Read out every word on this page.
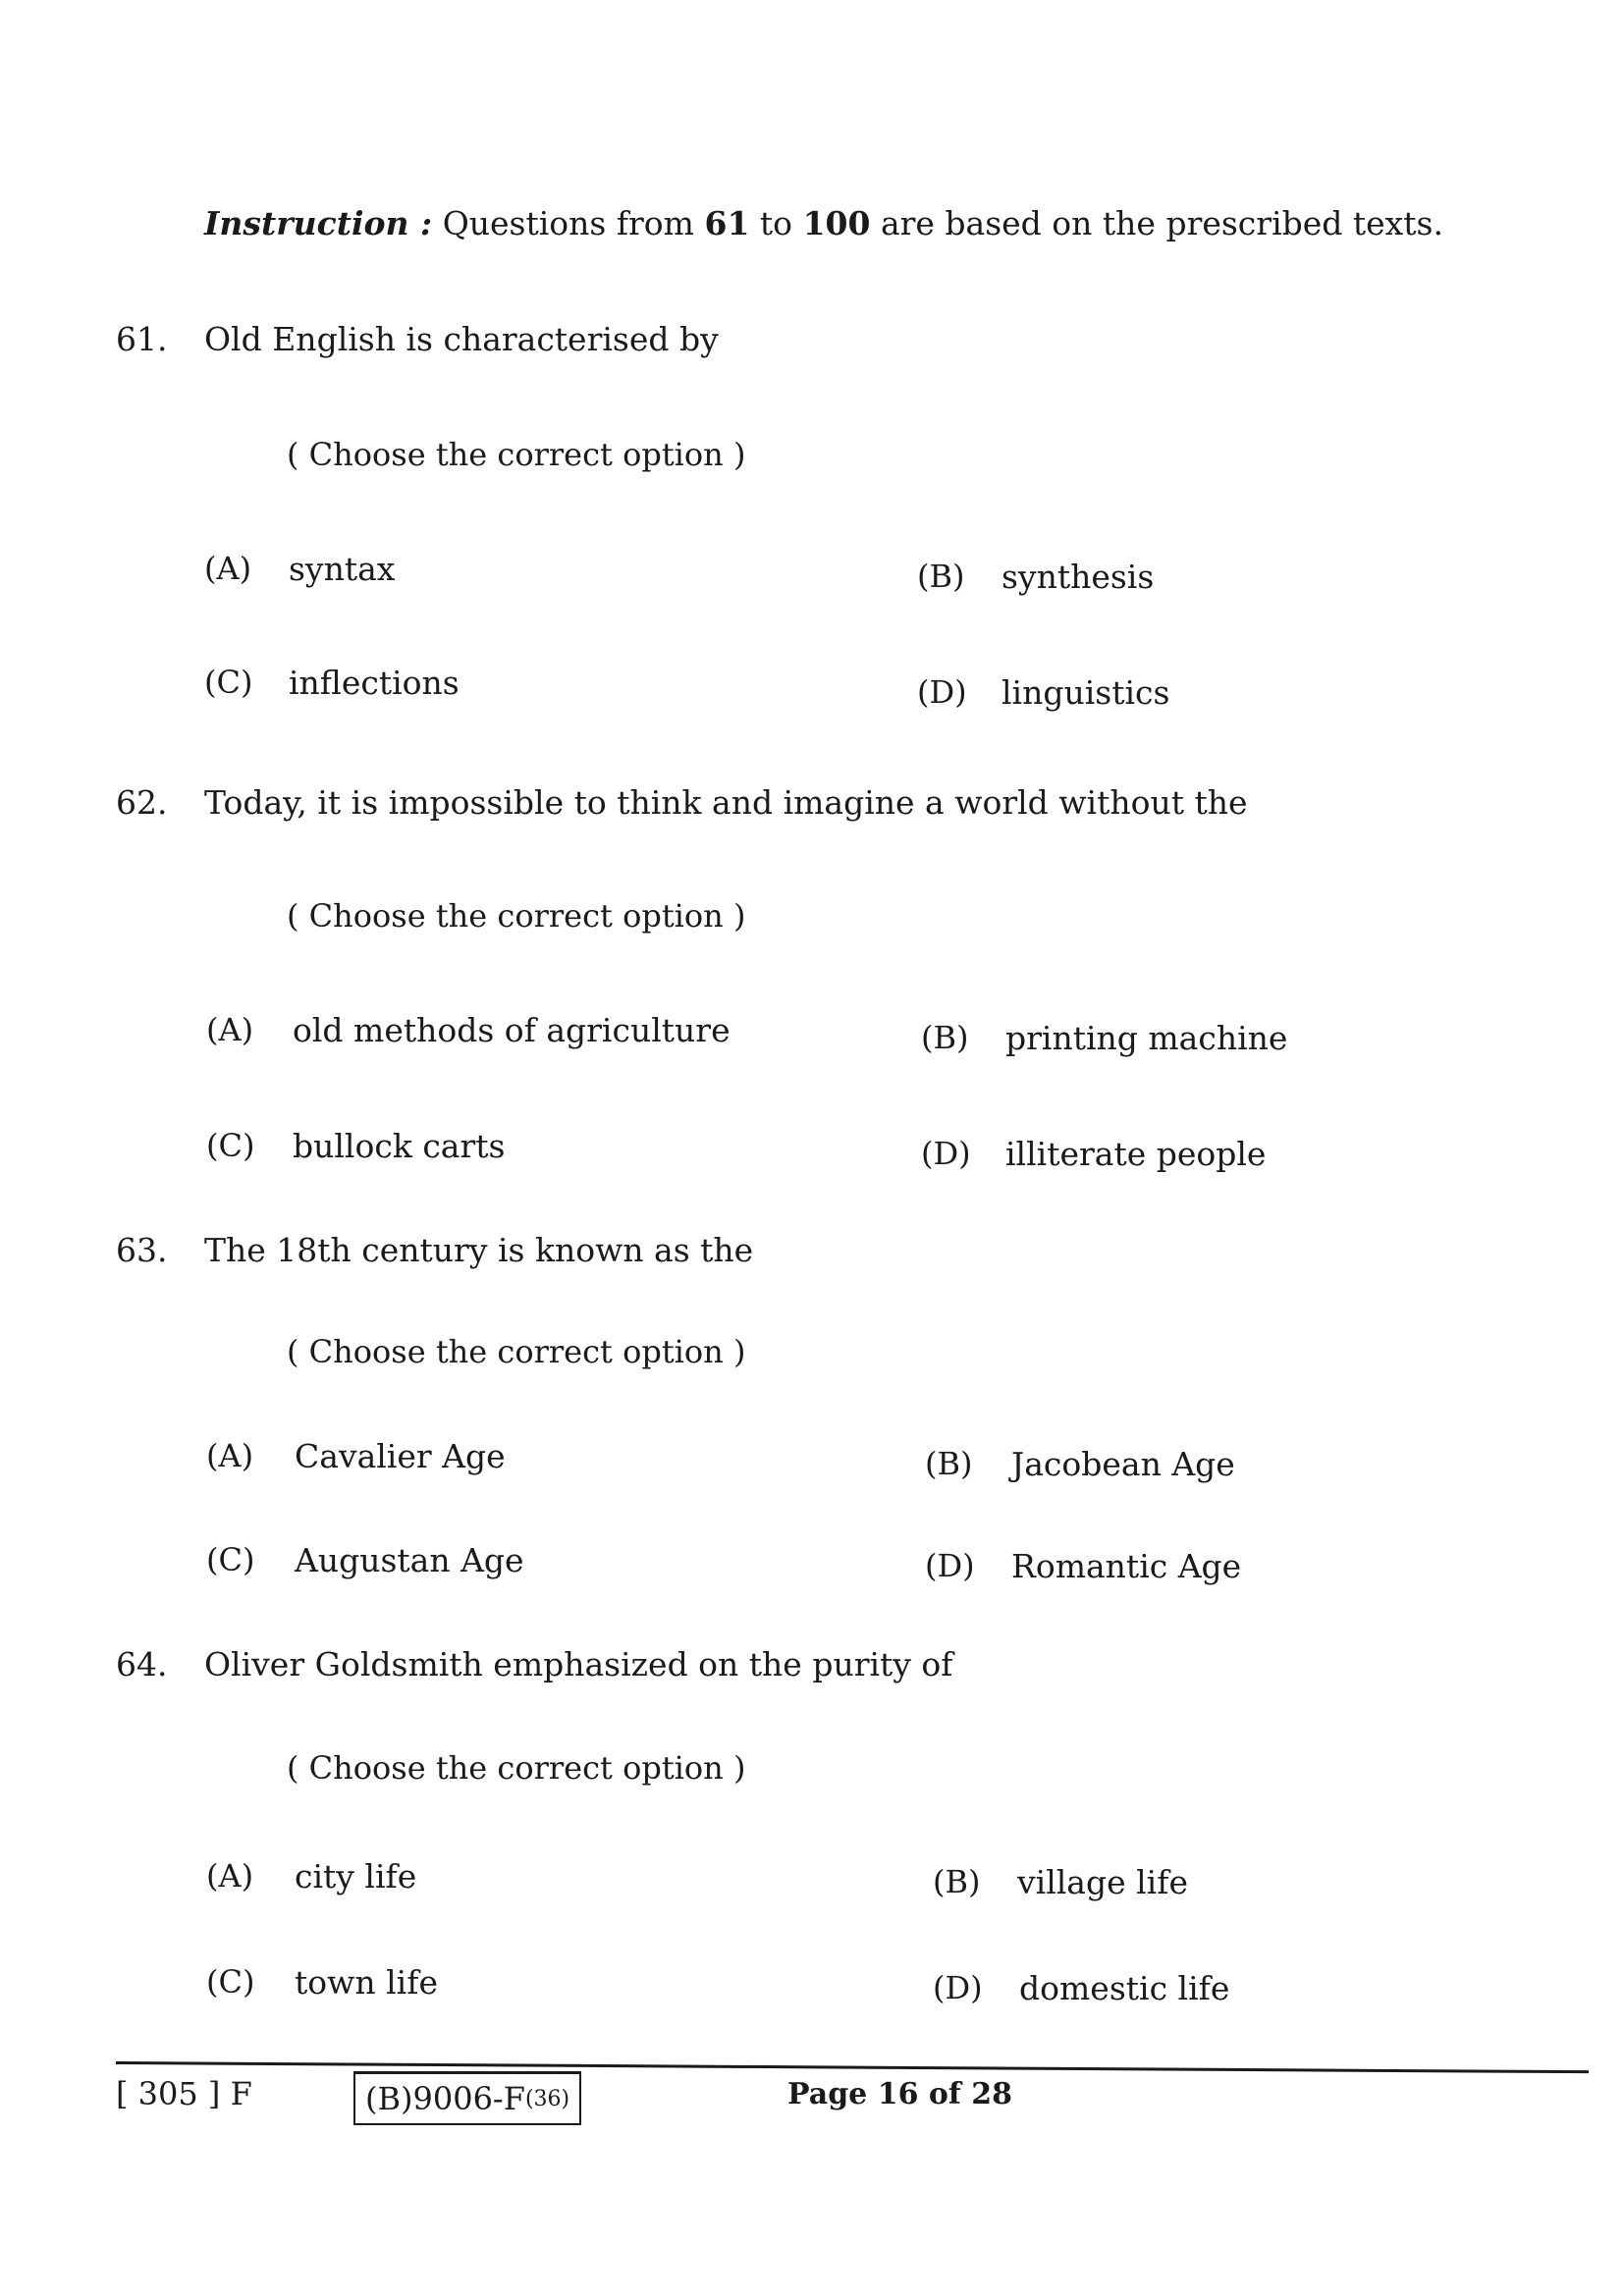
Instruction : Questions from 61 to 100 are based on the prescribed texts.
61. Old English is characterised by
( Choose the correct option )
(A) syntax	(B) synthesis
(C) inflections	(D) linguistics
62. Today, it is impossible to think and imagine a world without the
( Choose the correct option )
(A) old methods of agriculture	(B) printing machine
(C) bullock carts	(D) illiterate people
63. The 18th century is known as the
( Choose the correct option )
(A) Cavalier Age	(B) Jacobean Age
(C) Augustan Age	(D) Romantic Age
64. Oliver Goldsmith emphasized on the purity of
( Choose the correct option )
(A) city life	(B) village life
(C) town life	(D) domestic life
[ 305 ] F	(B)9006-F (36)	Page 16 of 28
